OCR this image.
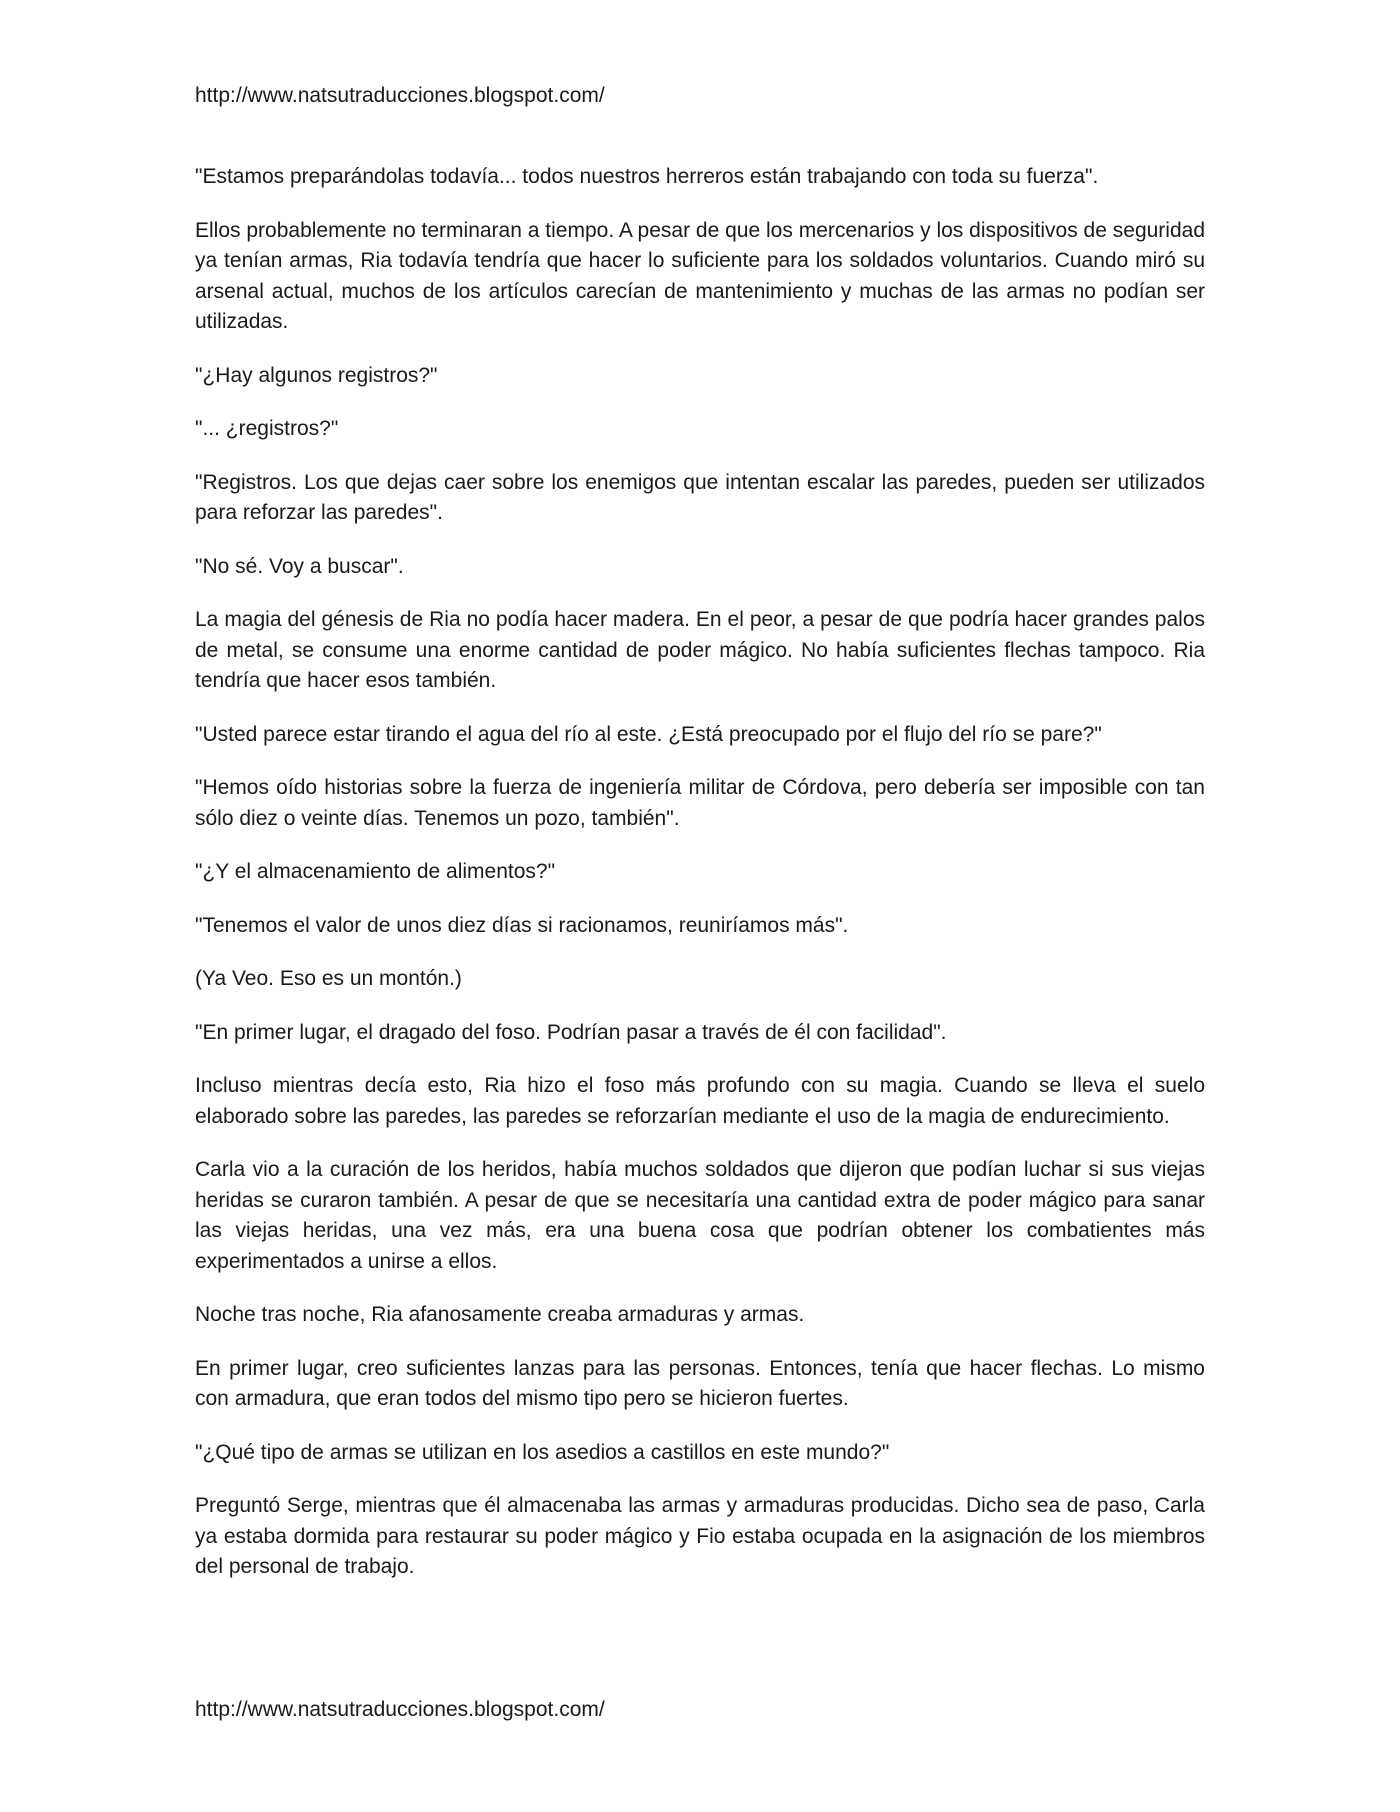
http://www.natsutraducciones.blogspot.com/

"Estamos preparándolas todavía... todos nuestros herreros están trabajando con toda su fuerza".

Ellos probablemente no terminaran a tiempo. A pesar de que los mercenarios y los dispositivos de seguridad ya tenían armas, Ria todavía tendría que hacer lo suficiente para los soldados voluntarios. Cuando miró su arsenal actual, muchos de los artículos carecían de mantenimiento y muchas de las armas no podían ser utilizadas.

"¿Hay algunos registros?"

"... ¿registros?"

"Registros. Los que dejas caer sobre los enemigos que intentan escalar las paredes, pueden ser utilizados para reforzar las paredes".

"No sé. Voy a buscar".

La magia del génesis de Ria no podía hacer madera. En el peor, a pesar de que podría hacer grandes palos de metal, se consume una enorme cantidad de poder mágico. No había suficientes flechas tampoco. Ria tendría que hacer esos también.

"Usted parece estar tirando el agua del río al este. ¿Está preocupado por el flujo del río se pare?"

"Hemos oído historias sobre la fuerza de ingeniería militar de Córdova, pero debería ser imposible con tan sólo diez o veinte días. Tenemos un pozo, también".

"¿Y el almacenamiento de alimentos?"

"Tenemos el valor de unos diez días si racionamos, reuniríamos más".

(Ya Veo. Eso es un montón.)

"En primer lugar, el dragado del foso. Podrían pasar a través de él con facilidad".

Incluso mientras decía esto, Ria hizo el foso más profundo con su magia. Cuando se lleva el suelo elaborado sobre las paredes, las paredes se reforzarían mediante el uso de la magia de endurecimiento.

Carla vio a la curación de los heridos, había muchos soldados que dijeron que podían luchar si sus viejas heridas se curaron también. A pesar de que se necesitaría una cantidad extra de poder mágico para sanar las viejas heridas, una vez más, era una buena cosa que podrían obtener los combatientes más experimentados a unirse a ellos.

Noche tras noche, Ria afanosamente creaba armaduras y armas.

En primer lugar, creo suficientes lanzas para las personas. Entonces, tenía que hacer flechas. Lo mismo con armadura, que eran todos del mismo tipo pero se hicieron fuertes.

"¿Qué tipo de armas se utilizan en los asedios a castillos en este mundo?"

Preguntó Serge, mientras que él almacenaba las armas y armaduras producidas. Dicho sea de paso, Carla ya estaba dormida para restaurar su poder mágico y Fio estaba ocupada en la asignación de los miembros del personal de trabajo.

http://www.natsutraducciones.blogspot.com/
